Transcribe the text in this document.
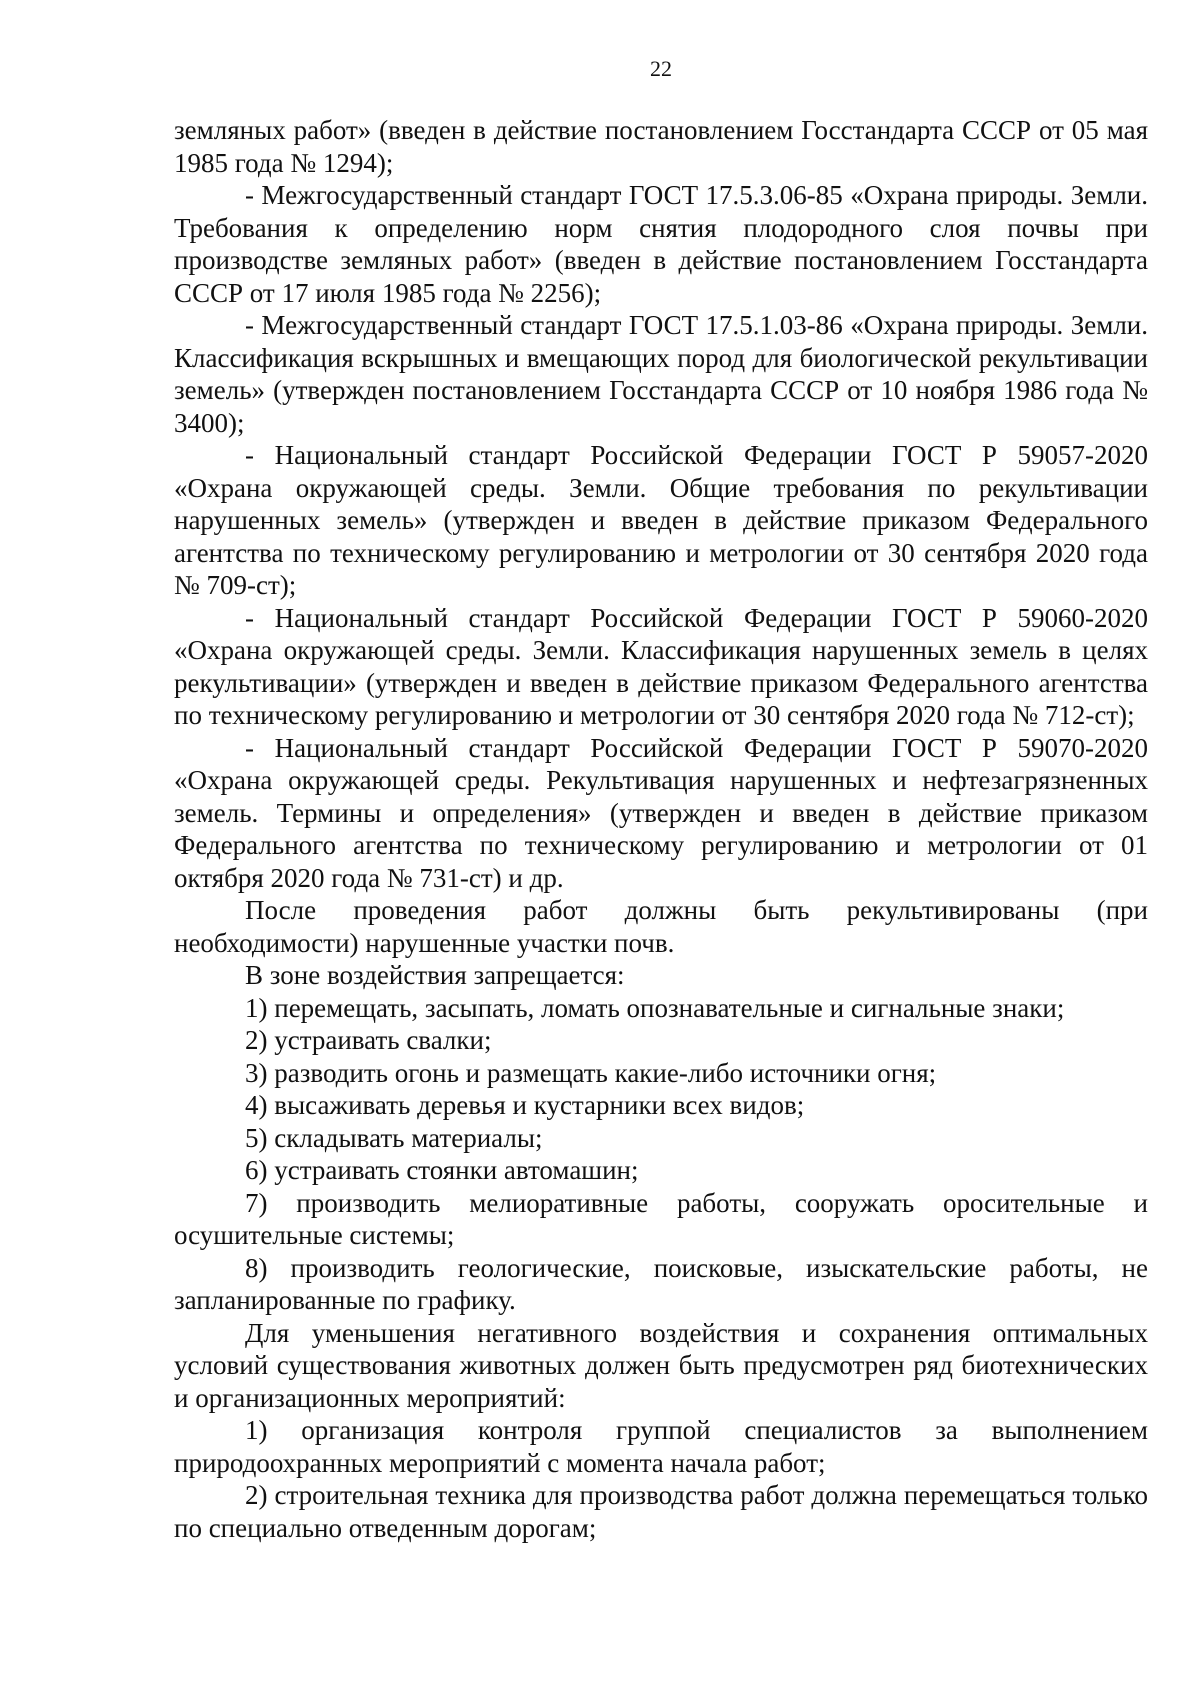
22

земляных работ» (введен в действие постановлением Госстандарта СССР от 05 мая 1985 года № 1294);

- Межгосударственный стандарт ГОСТ 17.5.3.06-85 «Охрана природы. Земли. Требования к определению норм снятия плодородного слоя почвы при производстве земляных работ» (введен в действие постановлением Госстандарта СССР от 17 июля 1985 года № 2256);

- Межгосударственный стандарт ГОСТ 17.5.1.03-86 «Охрана природы. Земли. Классификация вскрышных и вмещающих пород для биологической рекультивации земель» (утвержден постановлением Госстандарта СССР от 10 ноября 1986 года № 3400);

- Национальный стандарт Российской Федерации ГОСТ Р 59057-2020 «Охрана окружающей среды. Земли. Общие требования по рекультивации нарушенных земель» (утвержден и введен в действие приказом Федерального агентства по техническому регулированию и метрологии от 30 сентября 2020 года № 709-ст);

- Национальный стандарт Российской Федерации ГОСТ Р 59060-2020 «Охрана окружающей среды. Земли. Классификация нарушенных земель в целях рекультивации» (утвержден и введен в действие приказом Федерального агентства по техническому регулированию и метрологии от 30 сентября 2020 года № 712-ст);

- Национальный стандарт Российской Федерации ГОСТ Р 59070-2020 «Охрана окружающей среды. Рекультивация нарушенных и нефтезагрязненных земель. Термины и определения» (утвержден и введен в действие приказом Федерального агентства по техническому регулированию и метрологии от 01 октября 2020 года № 731-ст) и др.

После проведения работ должны быть рекультивированы (при необходимости) нарушенные участки почв.

В зоне воздействия запрещается:

1) перемещать, засыпать, ломать опознавательные и сигнальные знаки;

2) устраивать свалки;

3) разводить огонь и размещать какие-либо источники огня;

4) высаживать деревья и кустарники всех видов;

5) складывать материалы;

6) устраивать стоянки автомашин;

7) производить мелиоративные работы, сооружать оросительные и осушительные системы;

8) производить геологические, поисковые, изыскательские работы, не запланированные по графику.

Для уменьшения негативного воздействия и сохранения оптимальных условий существования животных должен быть предусмотрен ряд биотехнических и организационных мероприятий:

1) организация контроля группой специалистов за выполнением природоохранных мероприятий с момента начала работ;

2) строительная техника для производства работ должна перемещаться только по специально отведенным дорогам;
